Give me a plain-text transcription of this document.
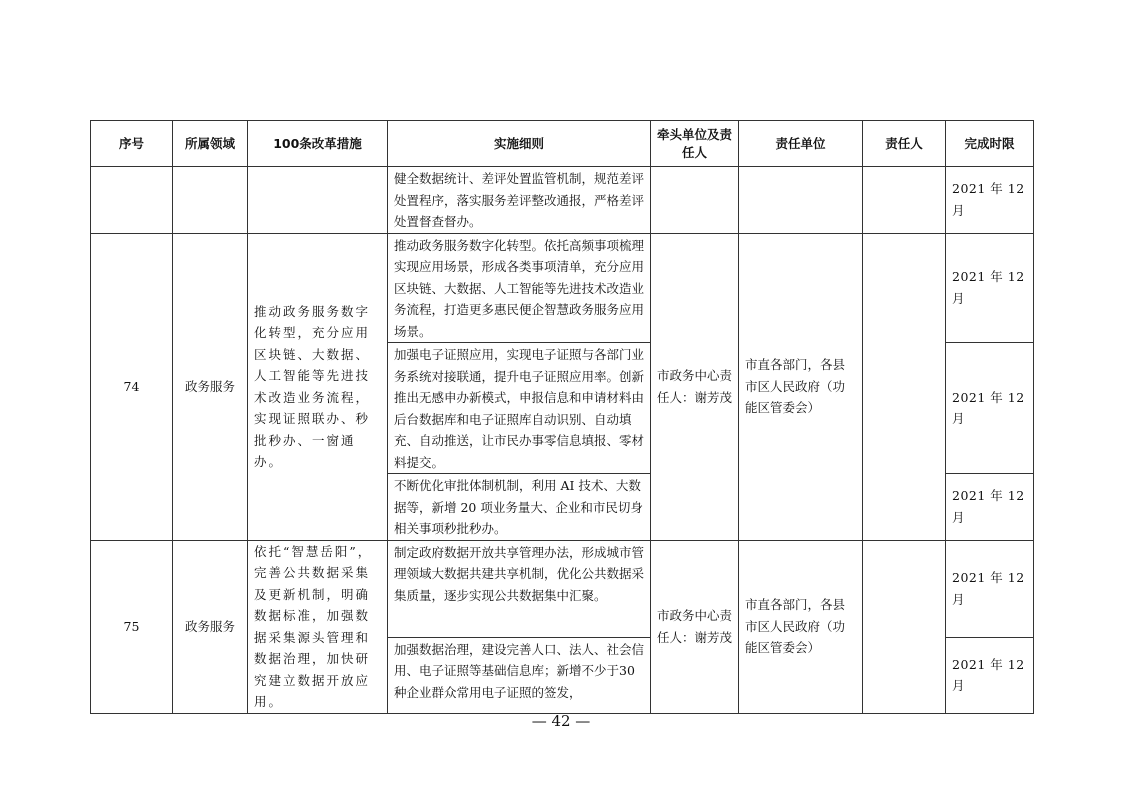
序号	所属领域	100条改革措施	实施细则	牵头单位及责任人	责任单位	责任人	完成时限
			健全数据统计、差评处置监管机制，规范差评处置程序，落实服务差评整改通报，严格差评处置督查督办。				2021 年 12 月
74	政务服务	推动政务服务数字化转型，充分应用区块链、大数据、人工智能等先进技术改造业务流程，实现证照联办、秒批秒办、一窗通办。	推动政务服务数字化转型。依托高频事项梳理实现应用场景，形成各类事项清单，充分应用区块链、大数据、人工智能等先进技术改造业务流程，打造更多惠民便企智慧政务服务应用场景。	市政务中心责任人：谢芳茂	市直各部门，各县市区人民政府（功能区管委会）		2021 年 12 月
			加强电子证照应用，实现电子证照与各部门业务系统对接联通，提升电子证照应用率。创新推出无感申办新模式，申报信息和申请材料由后台数据库和电子证照库自动识别、自动填充、自动推送，让市民办事零信息填报、零材料提交。				2021 年 12 月
			不断优化审批体制机制，利用 AI 技术、大数据等，新增 20 项业务量大、企业和市民切身相关事项秒批秒办。				2021 年 12 月
75	政务服务	依托“智慧岳阳”，完善公共数据采集及更新机制，明确数据标准，加强数据采集源头管理和数据治理，加快研究建立数据开放应用。	制定政府数据开放共享管理办法，形成城市管理领域大数据共建共享机制，优化公共数据采集质量，逐步实现公共数据集中汇聚。	市政务中心责任人：谢芳茂	市直各部门，各县市区人民政府（功能区管委会）		2021 年 12 月
			加强数据治理，建设完善人口、法人、社会信用、电子证照等基础信息库；新增不少于30种企业群众常用电子证照的签发，				2021 年 12 月
— 42 —
